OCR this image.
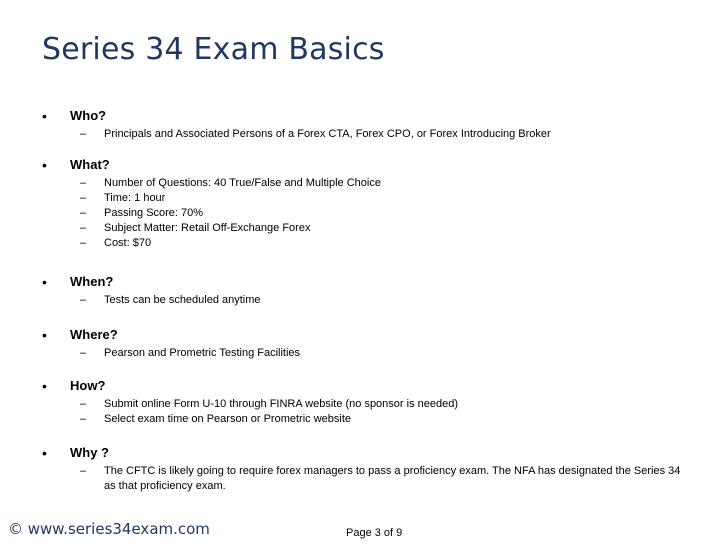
Series 34 Exam Basics
• Who?
– Principals and Associated Persons of a Forex CTA, Forex CPO, or Forex Introducing Broker
• What?
– Number of Questions: 40 True/False and Multiple Choice
– Time: 1 hour
– Passing Score: 70%
– Subject Matter: Retail Off-Exchange Forex
– Cost: $70
• When?
– Tests can be scheduled anytime
• Where?
– Pearson and Prometric Testing Facilities
• How?
– Submit online Form U-10 through FINRA website (no sponsor is needed)
– Select exam time on Pearson or Prometric website
• Why ?
– The CFTC is likely going to require forex managers to pass a proficiency exam. The NFA has designated the Series 34 as that proficiency exam.
© www.series34exam.com	Page 3 of 9
